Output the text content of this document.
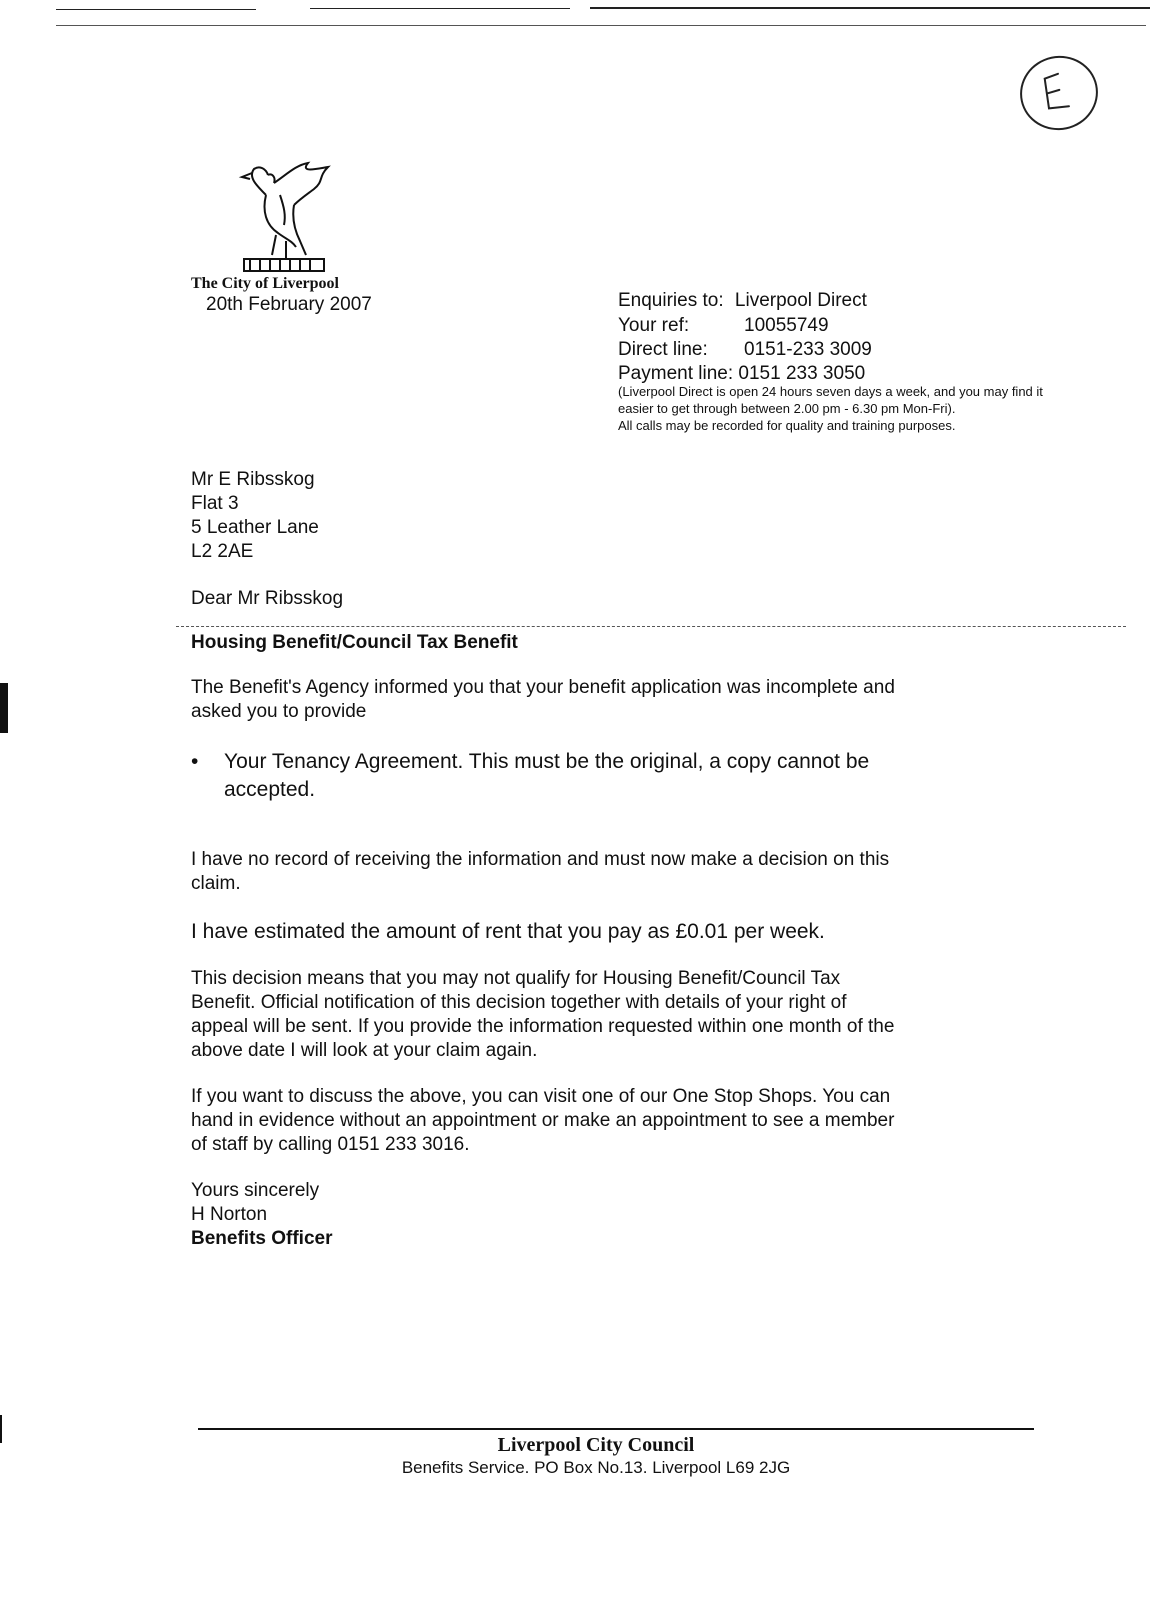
The City of Liverpool
20th February 2007	Enquiries to: Liverpool Direct
Your ref:	10055749
Direct line: 0151-233 3009
Payment line: 0151 233 3050
(Liverpool Direct is open 24 hours seven days a week, and you may find it
easier to get through between 2.00 pm - 6.30 pm Mon-Fri).
All calls may be recorded for quality and training purposes.
Mr E Ribsskog
Flat 3
5 Leather Lane
L2 2AE
Dear Mr Ribsskog
Housing Benefit/Council Tax Benefit
The Benefit's Agency informed you that your benefit application was incomplete and
asked you to provide
• Your Tenancy Agreement. This must be the original, a copy cannot be
accepted.
I have no record of receiving the information and must now make a decision on this
claim.
I have estimated the amount of rent that you pay as £0.01 per week.
This decision means that you may not qualify for Housing Benefit/Council Tax
Benefit. Official notification of this decision together with details of your right of
appeal will be sent. If you provide the information requested within one month of the
above date I will look at your claim again.
If you want to discuss the above, you can visit one of our One Stop Shops. You can
hand in evidence without an appointment or make an appointment to see a member
of staff by calling 0151 233 3016.
Yours sincerely
H Norton
Benefits Officer
Liverpool City Council
Benefits Service. PO Box No.13. Liverpool L69 2JG
